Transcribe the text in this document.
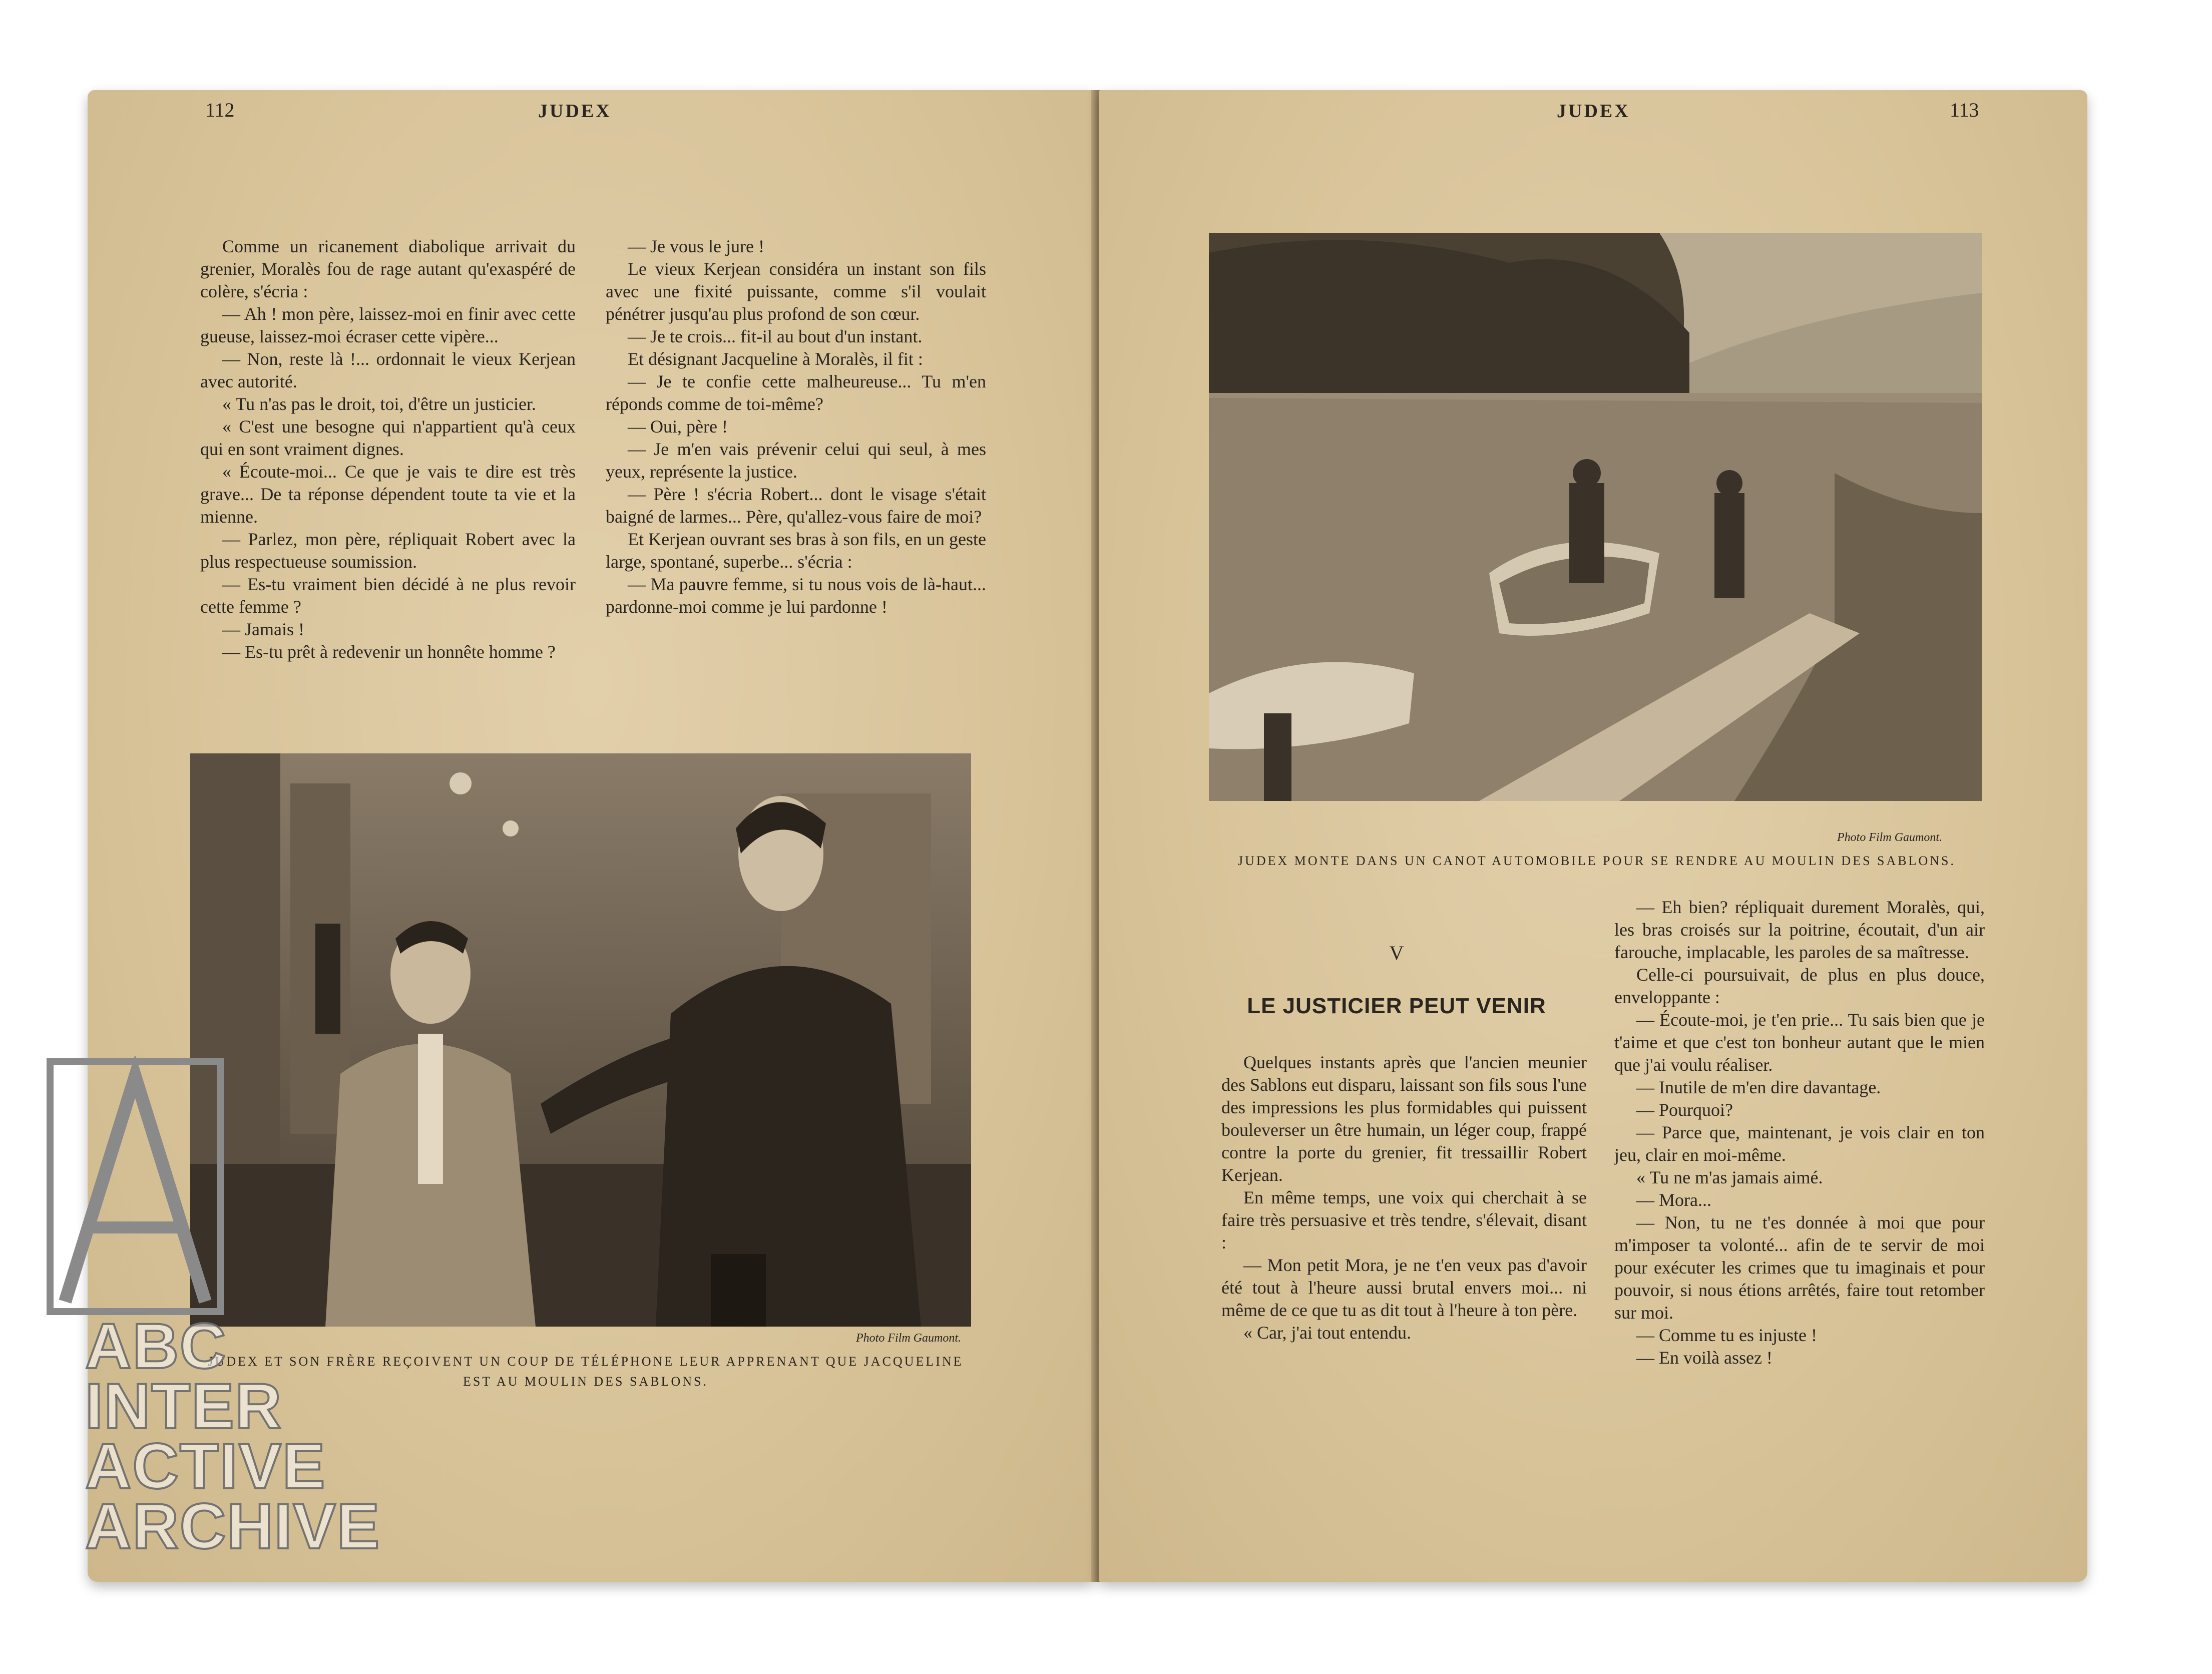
112	JUDEX

Comme un ricanement diabolique arrivait du grenier, Moralès fou de rage autant qu'exaspéré de colère, s'écria :

— Ah ! mon père, laissez-moi en finir avec cette gueuse, laissez-moi écraser cette vipère...

— Non, reste là !... ordonnait le vieux Kerjean avec autorité.

« Tu n'as pas le droit, toi, d'être un justicier.

« C'est une besogne qui n'appartient qu'à ceux qui en sont vraiment dignes.

« Écoute-moi... Ce que je vais te dire est très grave... De ta réponse dépendent toute ta vie et la mienne.

— Parlez, mon père, répliquait Robert avec la plus respectueuse soumission.

— Es-tu vraiment bien décidé à ne plus revoir cette femme ?

— Jamais !

— Es-tu prêt à redevenir un honnête homme ?

— Je vous le jure !

Le vieux Kerjean considéra un instant son fils avec une fixité puissante, comme s'il voulait pénétrer jusqu'au plus profond de son cœur.

— Je te crois... fit-il au bout d'un instant.

Et désignant Jacqueline à Moralès, il fit :

— Je te confie cette malheureuse... Tu m'en réponds comme de toi-même?

— Oui, père !

— Je m'en vais prévenir celui qui seul, à mes yeux, représente la justice.

— Père ! s'écria Robert... dont le visage s'était baigné de larmes... Père, qu'allez-vous faire de moi?

Et Kerjean ouvrant ses bras à son fils, en un geste large, spontané, superbe... s'écria :

— Ma pauvre femme, si tu nous vois de là-haut... pardonne-moi comme je lui pardonne !

Photo Film Gaumont.
JUDEX ET SON FRÈRE REÇOIVENT UN COUP DE TÉLÉPHONE LEUR APPRENANT QUE JACQUELINE EST AU MOULIN DES SABLONS.
JUDEX	113
Photo Film Gaumont.
JUDEX MONTE DANS UN CANOT AUTOMOBILE POUR SE RENDRE AU MOULIN DES SABLONS.
V
LE JUSTICIER PEUT VENIR

Quelques instants après que l'ancien meunier des Sablons eut disparu, laissant son fils sous l'une des impressions les plus formidables qui puissent bouleverser un être humain, un léger coup, frappé contre la porte du grenier, fit tressaillir Robert Kerjean.

En même temps, une voix qui cherchait à se faire très persuasive et très tendre, s'élevait, disant :

— Mon petit Mora, je ne t'en veux pas d'avoir été tout à l'heure aussi brutal envers moi... ni même de ce que tu as dit tout à l'heure à ton père.

« Car, j'ai tout entendu.

— Eh bien? répliquait durement Moralès, qui, les bras croisés sur la poitrine, écoutait, d'un air farouche, implacable, les paroles de sa maîtresse.

Celle-ci poursuivait, de plus en plus douce, enveloppante :

— Écoute-moi, je t'en prie... Tu sais bien que je t'aime et que c'est ton bonheur autant que le mien que j'ai voulu réaliser.

— Inutile de m'en dire davantage.

— Pourquoi?

— Parce que, maintenant, je vois clair en ton jeu, clair en moi-même.

« Tu ne m'as jamais aimé.

— Mora...

— Non, tu ne t'es donnée à moi que pour m'imposer ta volonté... afin de te servir de moi pour exécuter les crimes que tu imaginais et pour pouvoir, si nous étions arrêtés, faire tout retomber sur moi.

— Comme tu es injuste !

— En voilà assez !

ABC
INTER
ACTIVE
ARCHIVE
